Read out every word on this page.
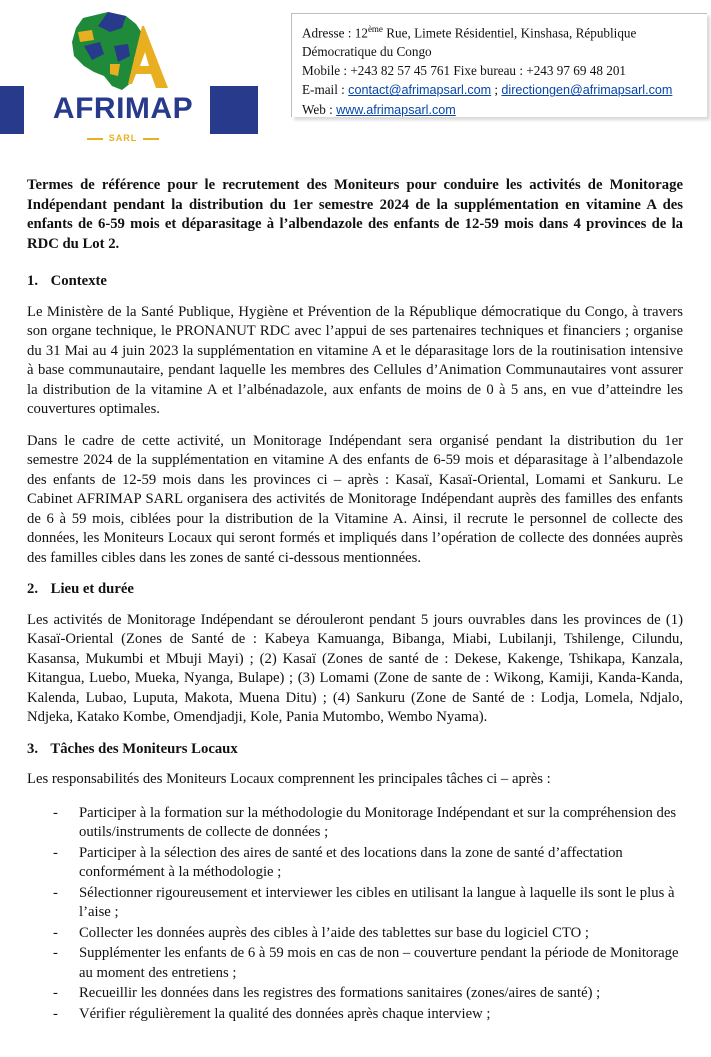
AFRIMAP
SARL
Adresse : 12ème Rue, Limete Résidentiel, Kinshasa, République
Démocratique du Congo
Mobile : +243 82 57 45 761 Fixe bureau : +243 97 69 48 201
E-mail : contact@afrimapsarl.com ; directiongen@afrimapsarl.com
Web : www.afrimapsarl.com

Termes de référence pour le recrutement des Moniteurs pour conduire les activités de Monitorage Indépendant pendant la distribution du 1er semestre 2024 de la supplémentation en vitamine A des enfants de 6-59 mois et déparasitage à l’albendazole des enfants de 12-59 mois dans 4 provinces de la RDC du Lot 2.

1. Contexte

Le Ministère de la Santé Publique, Hygiène et Prévention de la République démocratique du Congo, à travers son organe technique, le PRONANUT RDC avec l’appui de ses partenaires techniques et financiers ; organise du 31 Mai au 4 juin 2023 la supplémentation en vitamine A et le déparasitage lors de la routinisation intensive à base communautaire, pendant laquelle les membres des Cellules d’Animation Communautaires vont assurer la distribution de la vitamine A et l’albénadazole, aux enfants de moins de 0 à 5 ans, en vue d’atteindre les couvertures optimales.

Dans le cadre de cette activité, un Monitorage Indépendant sera organisé pendant la distribution du 1er semestre 2024 de la supplémentation en vitamine A des enfants de 6-59 mois et déparasitage à l’albendazole des enfants de 12-59 mois dans les provinces ci – après : Kasaï, Kasaï-Oriental, Lomami et Sankuru. Le Cabinet AFRIMAP SARL organisera des activités de Monitorage Indépendant auprès des familles des enfants de 6 à 59 mois, ciblées pour la distribution de la Vitamine A. Ainsi, il recrute le personnel de collecte des données, les Moniteurs Locaux qui seront formés et impliqués dans l’opération de collecte des données auprès des familles cibles dans les zones de santé ci-dessous mentionnées.

2. Lieu et durée

Les activités de Monitorage Indépendant se dérouleront pendant 5 jours ouvrables dans les provinces de (1) Kasaï-Oriental (Zones de Santé de : Kabeya Kamuanga, Bibanga, Miabi, Lubilanji, Tshilenge, Cilundu, Kasansa, Mukumbi et Mbuji Mayi) ; (2) Kasaï (Zones de santé de : Dekese, Kakenge, Tshikapa, Kanzala, Kitangua, Luebo, Mueka, Nyanga, Bulape) ; (3) Lomami (Zone de sante de : Wikong, Kamiji, Kanda-Kanda, Kalenda, Lubao, Luputa, Makota, Muena Ditu) ; (4) Sankuru (Zone de Santé de : Lodja, Lomela, Ndjalo, Ndjeka, Katako Kombe, Omendjadji, Kole, Pania Mutombo, Wembo Nyama).

3. Tâches des Moniteurs Locaux

Les responsabilités des Moniteurs Locaux comprennent les principales tâches ci – après :

- Participer à la formation sur la méthodologie du Monitorage Indépendant et sur la compréhension des outils/instruments de collecte de données ;
- Participer à la sélection des aires de santé et des locations dans la zone de santé d’affectation conformément à la méthodologie ;
- Sélectionner rigoureusement et interviewer les cibles en utilisant la langue à laquelle ils sont le plus à l’aise ;
- Collecter les données auprès des cibles à l’aide des tablettes sur base du logiciel CTO ;
- Supplémenter les enfants de 6 à 59 mois en cas de non – couverture pendant la période de Monitorage au moment des entretiens ;
- Recueillir les données dans les registres des formations sanitaires (zones/aires de santé) ;
- Vérifier régulièrement la qualité des données après chaque interview ;
